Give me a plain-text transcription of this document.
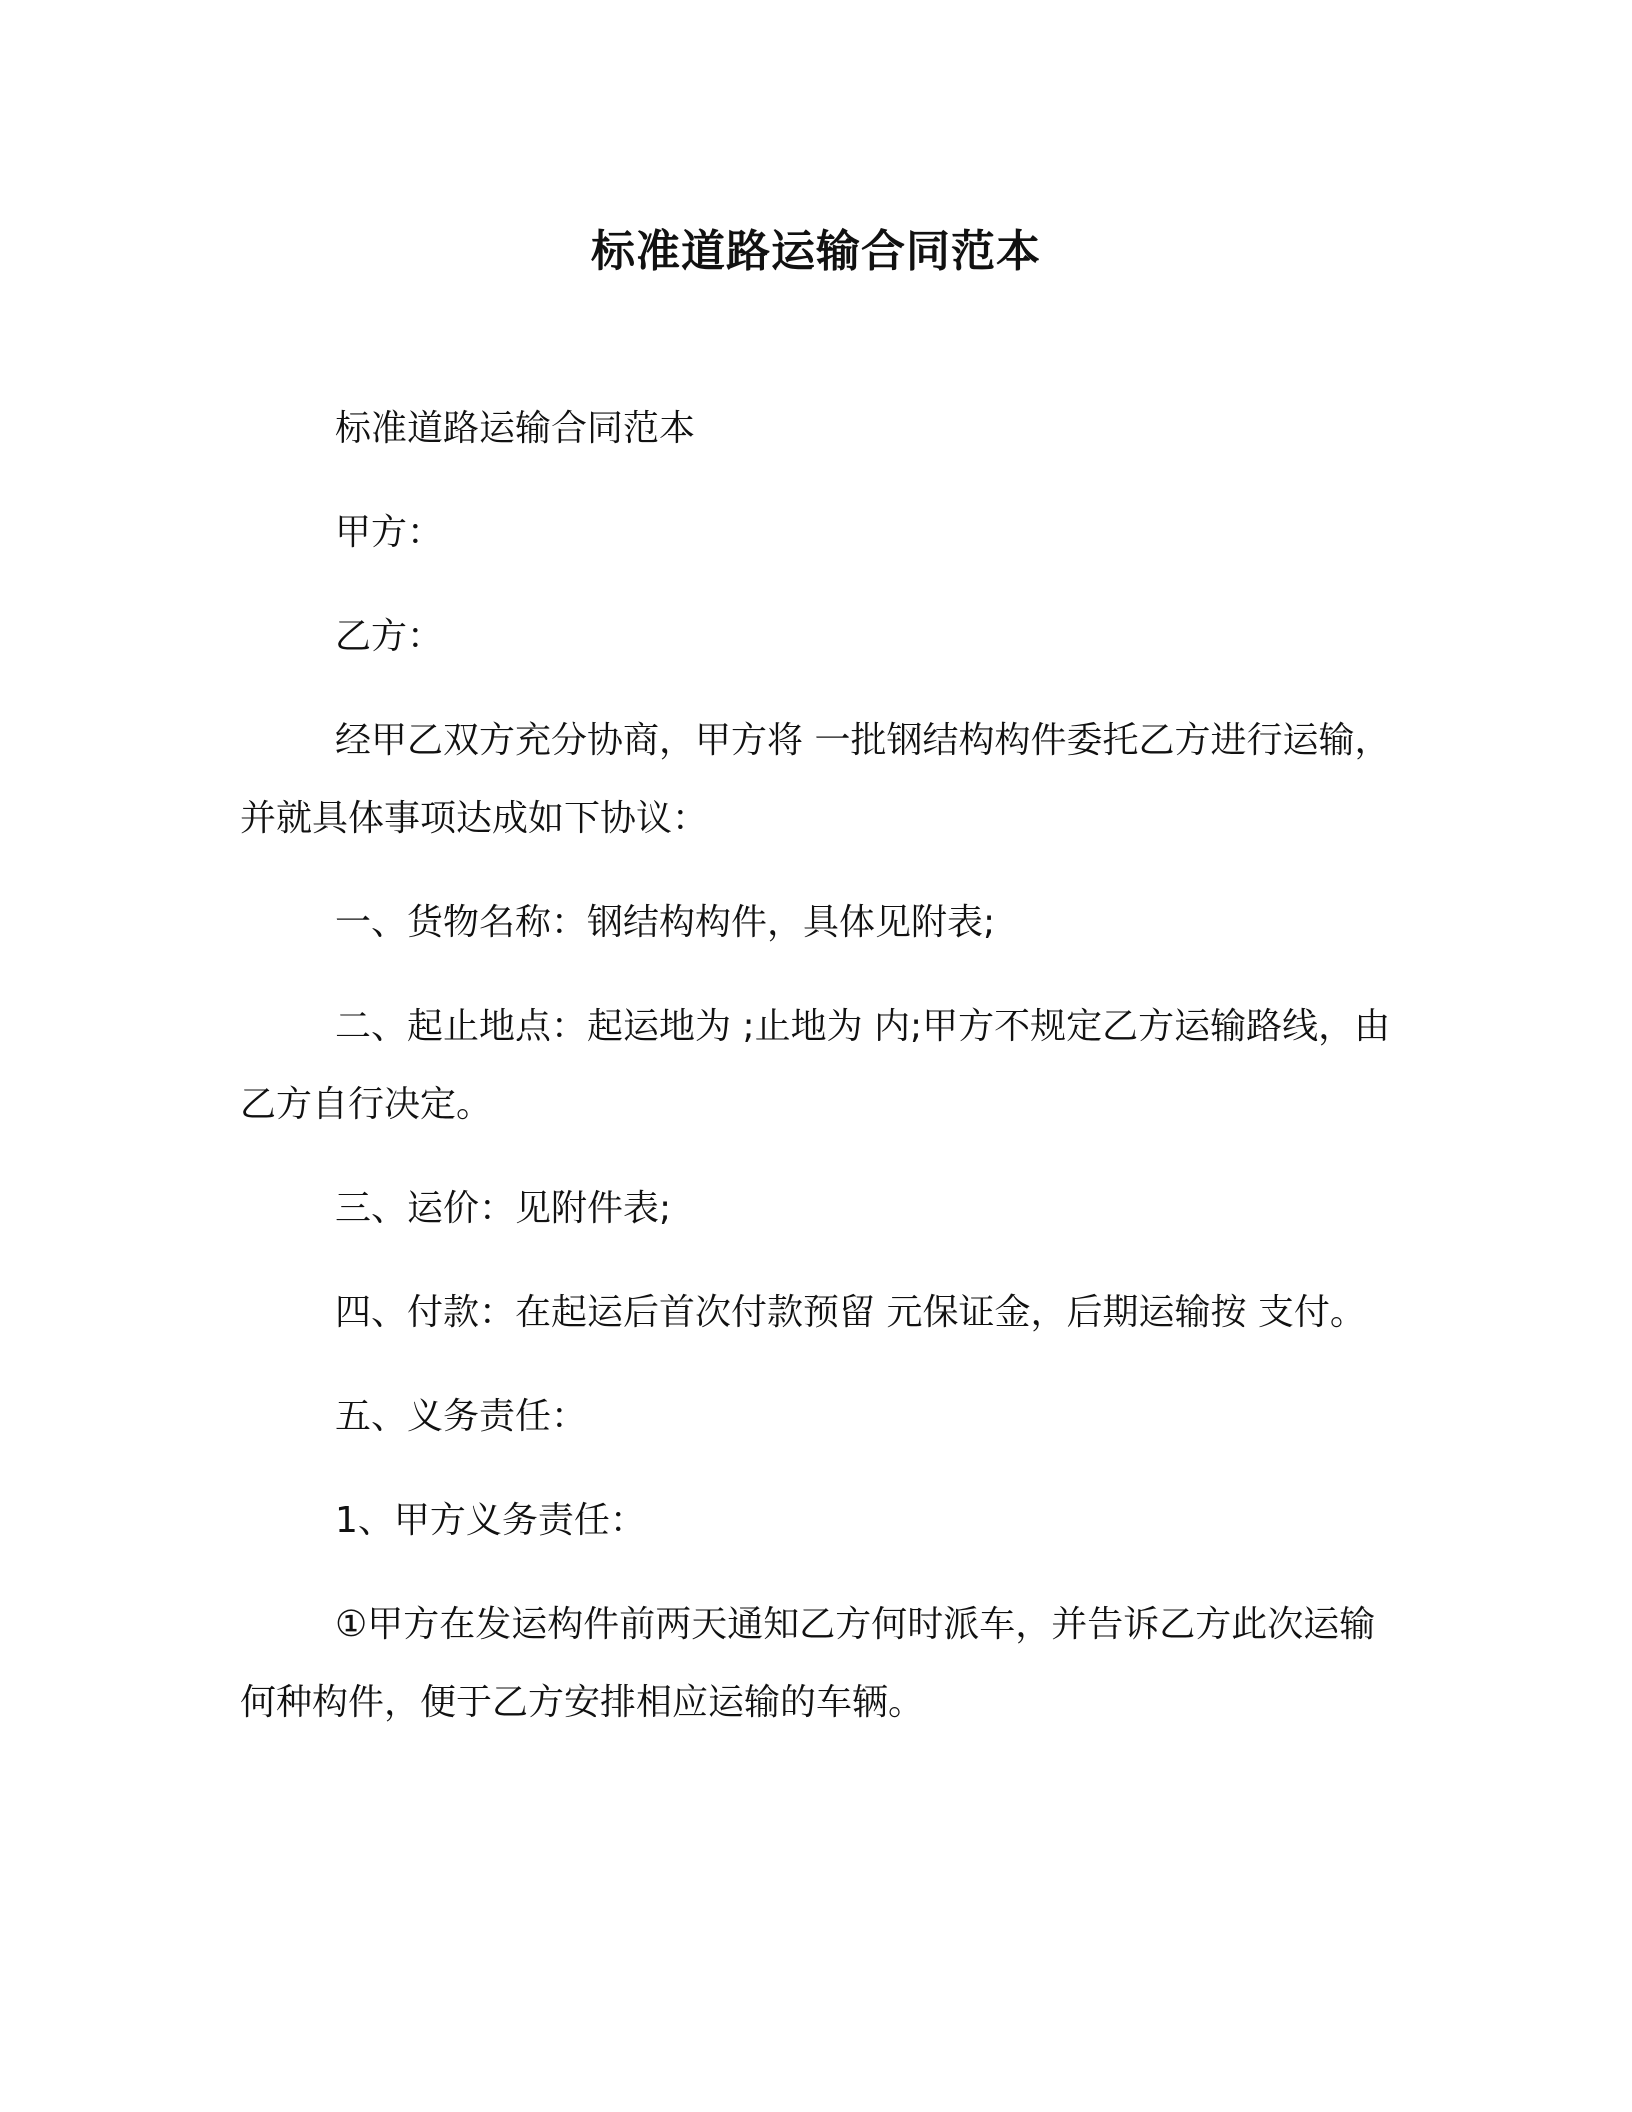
标准道路运输合同范本

标准道路运输合同范本

甲方：

乙方：

经甲乙双方充分协商，甲方将 一批钢结构构件委托乙方进行运输，并就具体事项达成如下协议：

一、货物名称：钢结构构件，具体见附表;

二、起止地点：起运地为 ;止地为 内;甲方不规定乙方运输路线，由乙方自行决定。

三、运价：见附件表;

四、付款：在起运后首次付款预留 元保证金，后期运输按 支付。

五、义务责任：

1、甲方义务责任：

①甲方在发运构件前两天通知乙方何时派车，并告诉乙方此次运输何种构件，便于乙方安排相应运输的车辆。
